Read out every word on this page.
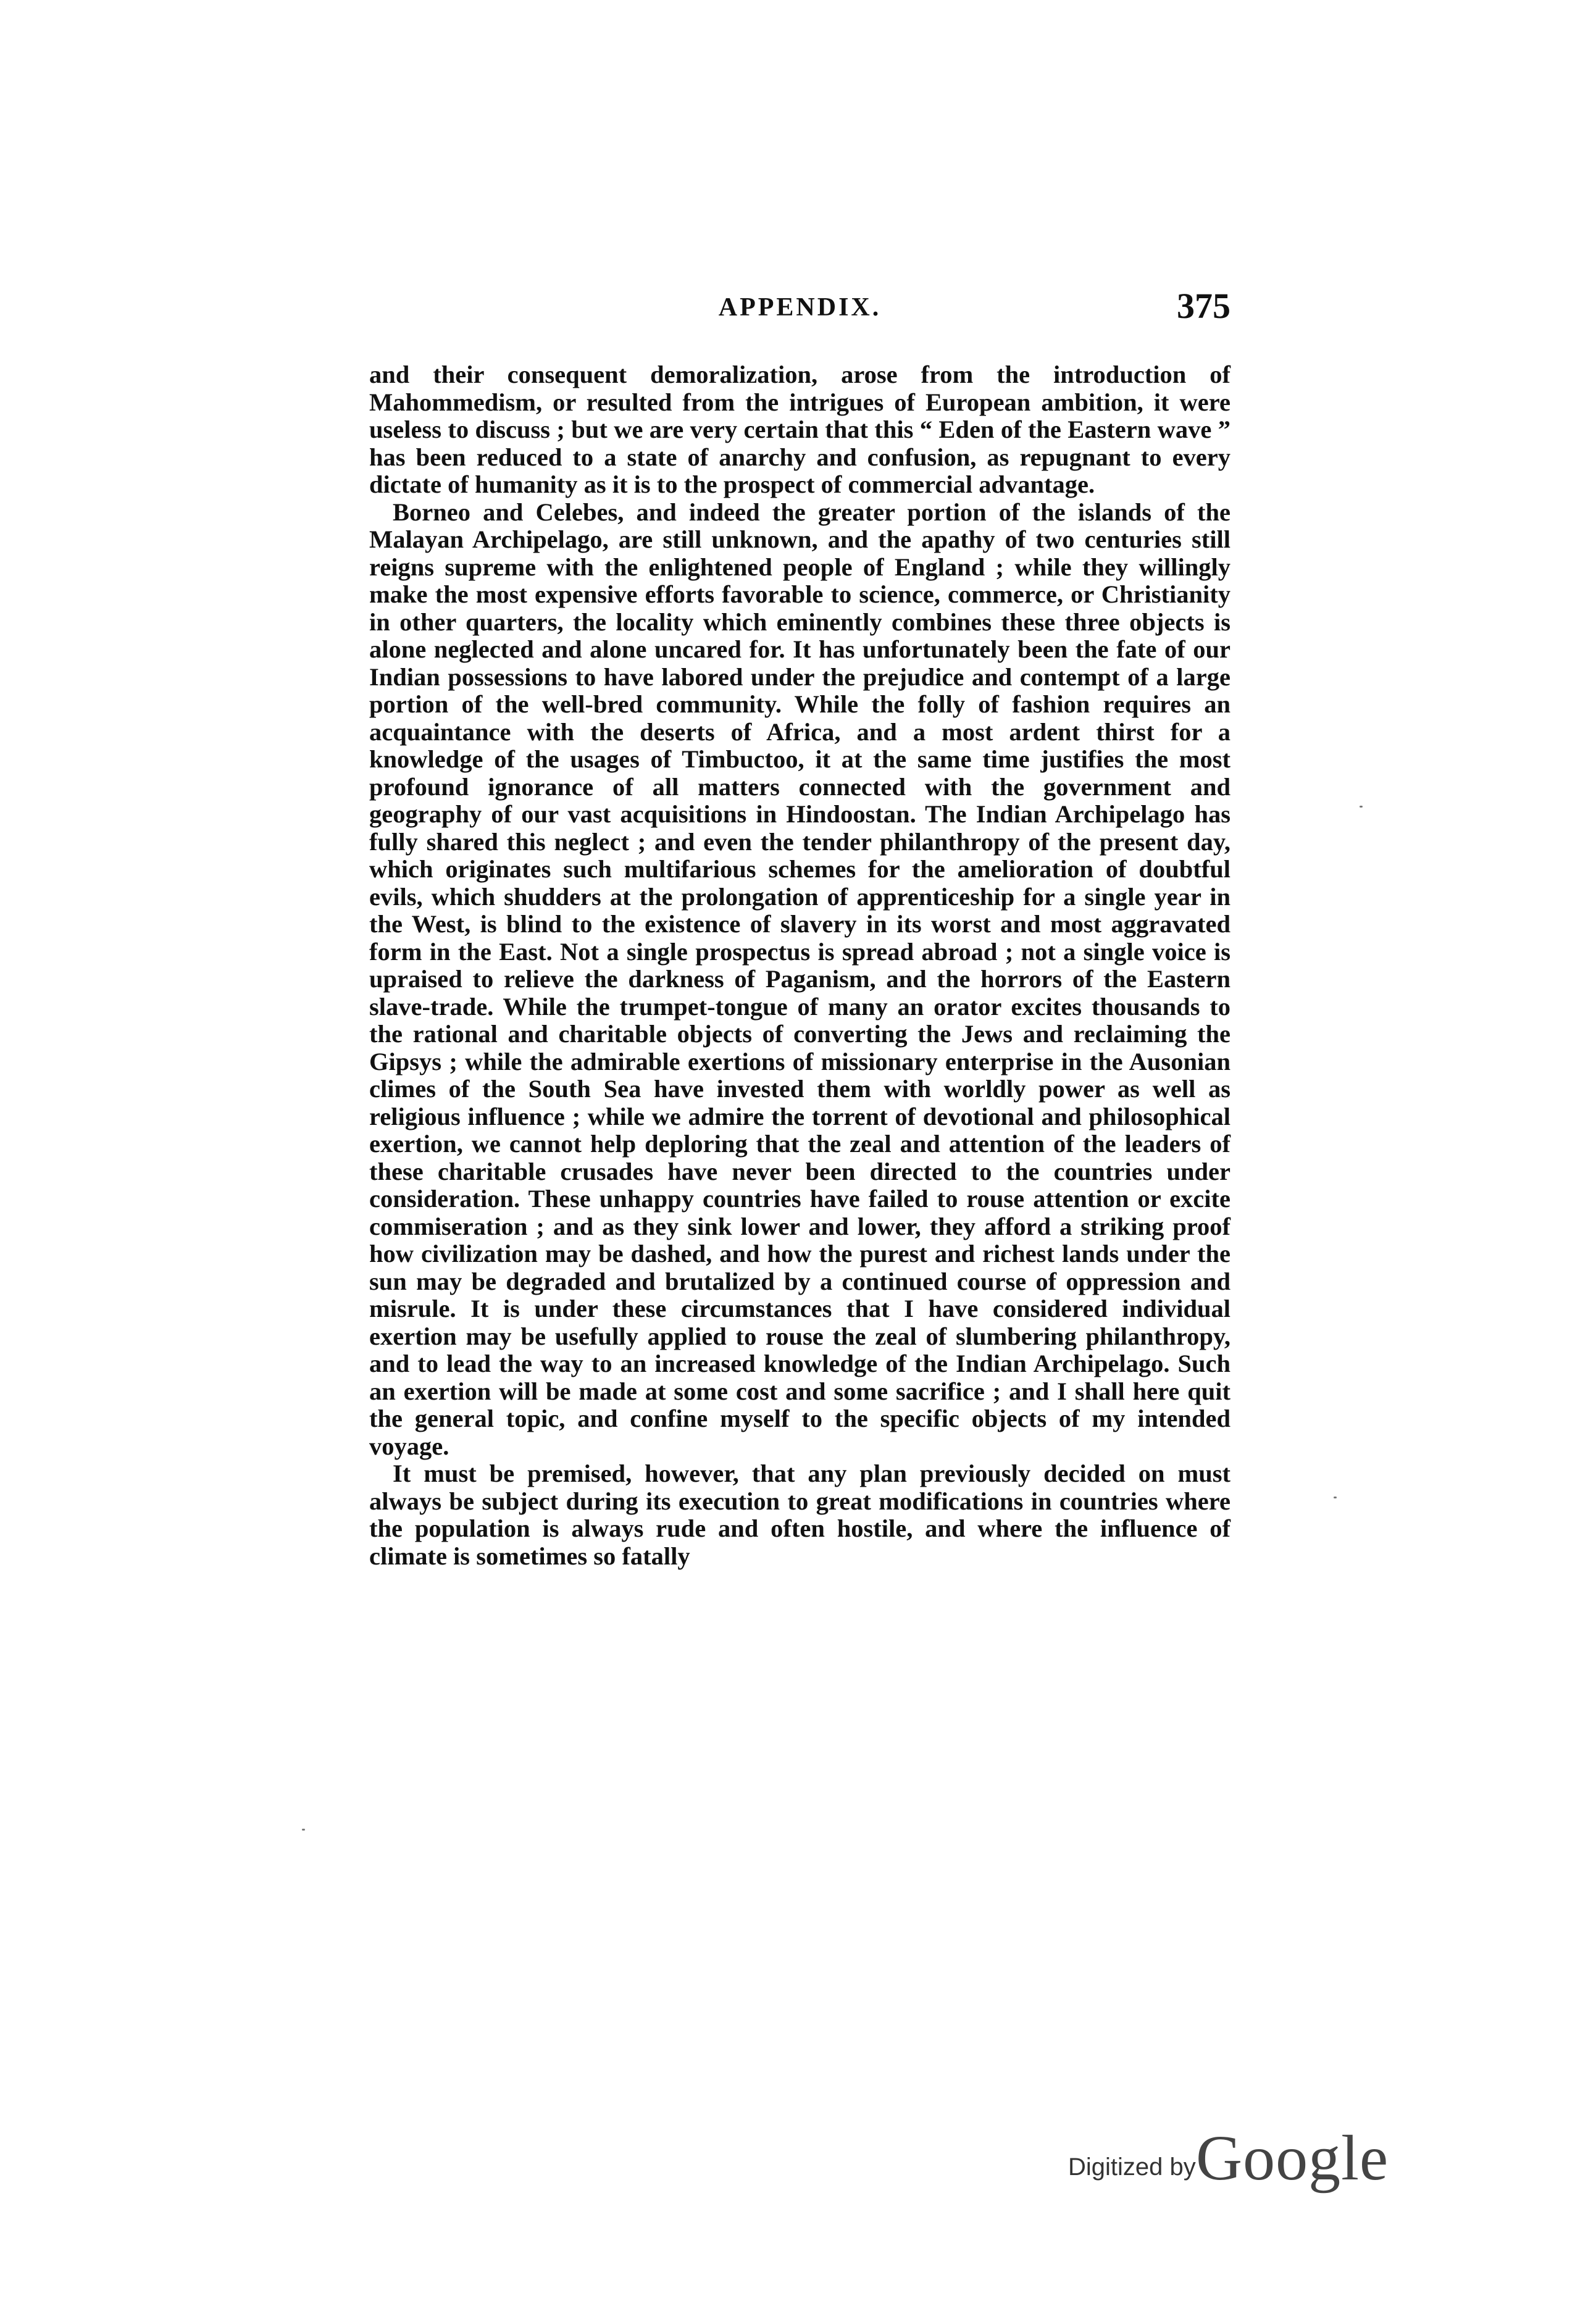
APPENDIX.	375

and their consequent demoralization, arose from the introduction of Mahommedism, or resulted from the intrigues of European ambition, it were useless to discuss ; but we are very certain that this “ Eden of the Eastern wave ” has been reduced to a state of anarchy and confusion, as repugnant to every dictate of humanity as it is to the prospect of commercial advantage.

Borneo and Celebes, and indeed the greater portion of the islands of the Malayan Archipelago, are still unknown, and the apathy of two centuries still reigns supreme with the enlightened people of England ; while they willingly make the most expensive efforts favorable to science, commerce, or Christianity in other quarters, the locality which eminently combines these three objects is alone neglected and alone uncared for. It has unfortunately been the fate of our Indian possessions to have labored under the prejudice and contempt of a large portion of the well-bred community. While the folly of fashion requires an acquaintance with the deserts of Africa, and a most ardent thirst for a knowledge of the usages of Timbuctoo, it at the same time justifies the most profound ignorance of all matters connected with the government and geography of our vast acquisitions in Hindoostan. The Indian Archipelago has fully shared this neglect ; and even the tender philanthropy of the present day, which originates such multifarious schemes for the amelioration of doubtful evils, which shudders at the prolongation of apprenticeship for a single year in the West, is blind to the existence of slavery in its worst and most aggravated form in the East. Not a single prospectus is spread abroad ; not a single voice is upraised to relieve the darkness of Paganism, and the horrors of the Eastern slave-trade. While the trumpet-tongue of many an orator excites thousands to the rational and charitable objects of converting the Jews and reclaiming the Gipsys ; while the admirable exertions of missionary enterprise in the Ausonian climes of the South Sea have invested them with worldly power as well as religious influence ; while we admire the torrent of devotional and philosophical exertion, we cannot help deploring that the zeal and attention of the leaders of these charitable crusades have never been directed to the countries under consideration. These unhappy countries have failed to rouse attention or excite commiseration ; and as they sink lower and lower, they afford a striking proof how civilization may be dashed, and how the purest and richest lands under the sun may be degraded and brutalized by a continued course of oppression and misrule. It is under these circumstances that I have considered individual exertion may be usefully applied to rouse the zeal of slumbering philanthropy, and to lead the way to an increased knowledge of the Indian Archipelago. Such an exertion will be made at some cost and some sacrifice ; and I shall here quit the general topic, and confine myself to the specific objects of my intended voyage.

It must be premised, however, that any plan previously decided on must always be subject during its execution to great modifications in countries where the population is always rude and often hostile, and where the influence of climate is sometimes so fatally

Digitized by Google
